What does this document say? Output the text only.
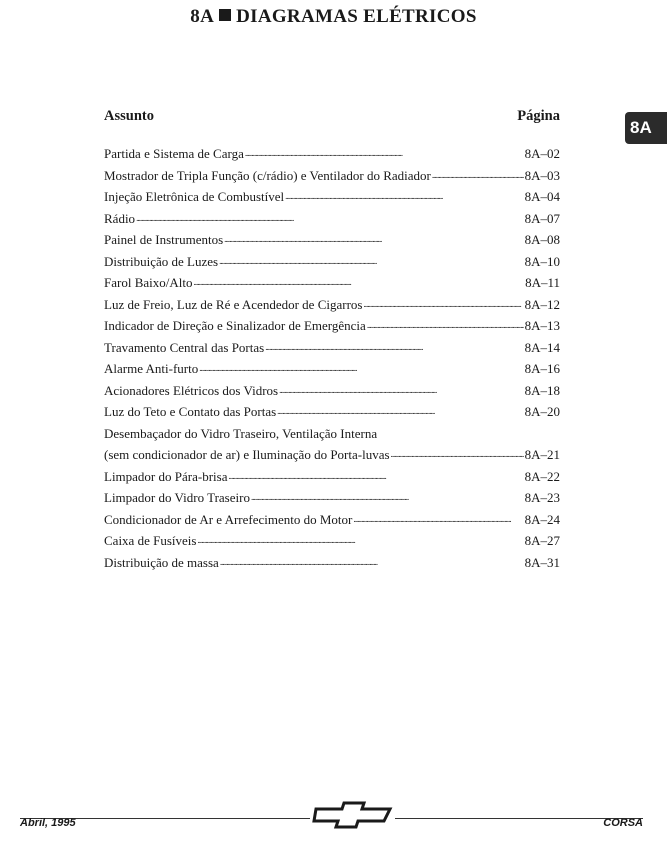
8A DIAGRAMAS ELÉTRICOS
8A
Assunto	Página
Partida e Sistema de Carga . . .	8A–02
Mostrador de Tripla Função (c/rádio) e Ventilador do Radiador . . .	8A–03
Injeção Eletrônica de Combustível . . .	8A–04
Rádio . . .	8A–07
Painel de Instrumentos . . .	8A–08
Distribuição de Luzes . . .	8A–10
Farol Baixo/Alto . . .	8A–11
Luz de Freio, Luz de Ré e Acendedor de Cigarros . . .	8A–12
Indicador de Direção e Sinalizador de Emergência . . .	8A–13
Travamento Central das Portas . . .	8A–14
Alarme Anti-furto . . .	8A–16
Acionadores Elétricos dos Vidros . . .	8A–18
Luz do Teto e Contato das Portas . . .	8A–20
Desembaçador do Vidro Traseiro, Ventilação Interna
(sem condicionador de ar) e Iluminação do Porta-luvas . . .	8A–21
Limpador do Pára-brisa . . .	8A–22
Limpador do Vidro Traseiro . . .	8A–23
Condicionador de Ar e Arrefecimento do Motor . . .	8A–24
Caixa de Fusíveis . . .	8A–27
Distribuição de massa . . .	8A–31
Abril, 1995	CORSA
